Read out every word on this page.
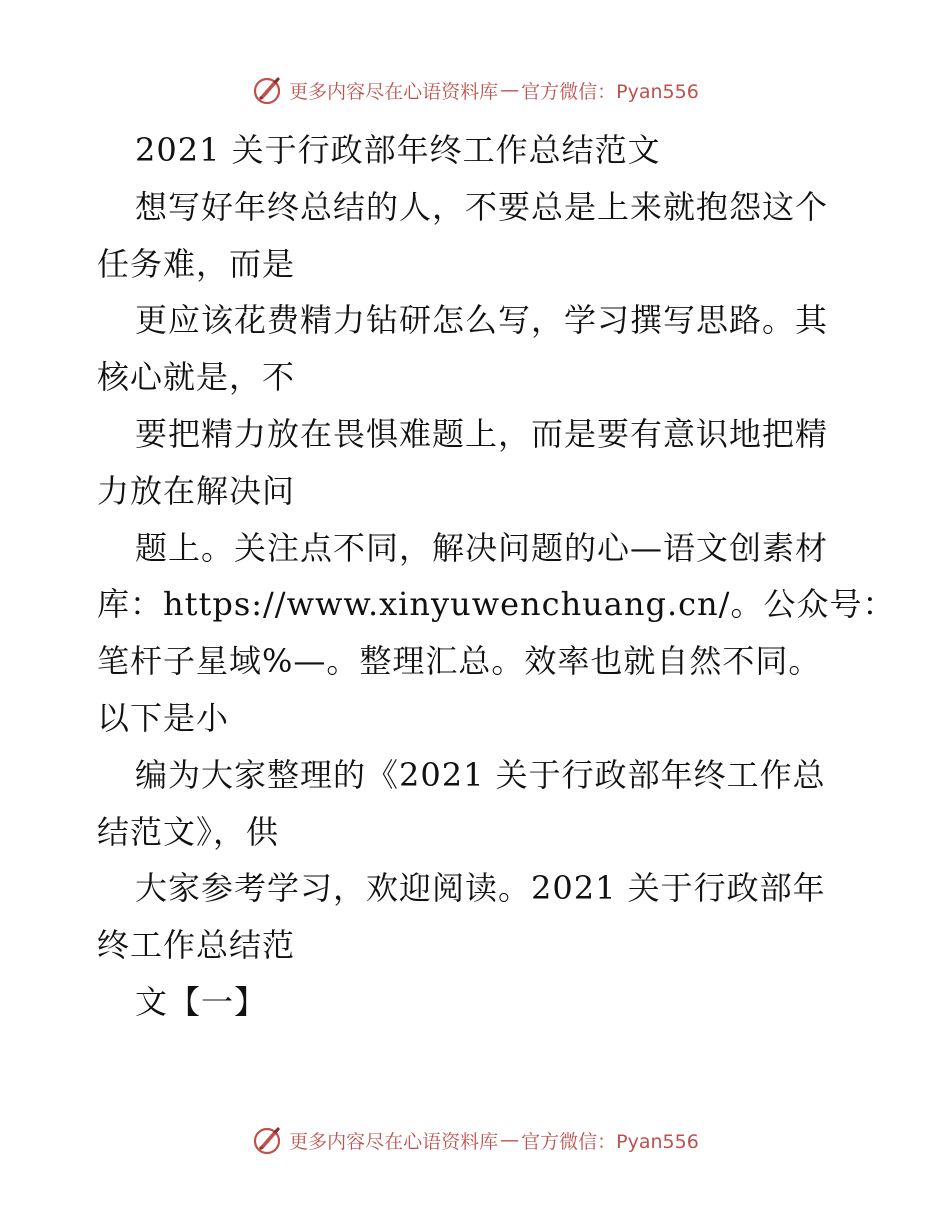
更多内容尽在心语资料库 — 官方微信：Pyan556
2021 关于行政部年终工作总结范文
想写好年终总结的人，不要总是上来就抱怨这个
任务难，而是
更应该花费精力钻研怎么写，学习撰写思路。其
核心就是，不
要把精力放在畏惧难题上，而是要有意识地把精
力放在解决问
题上。关注点不同，解决问题的心—语文创素材
库：https://www.xinyuwenchuang.cn/。公众号：
笔杆子星域%—。整理汇总。效率也就自然不同。
以下是小
编为大家整理的《2021 关于行政部年终工作总
结范文》，供
大家参考学习，欢迎阅读。2021 关于行政部年
终工作总结范
文【一】
更多内容尽在心语资料库 — 官方微信：Pyan556
